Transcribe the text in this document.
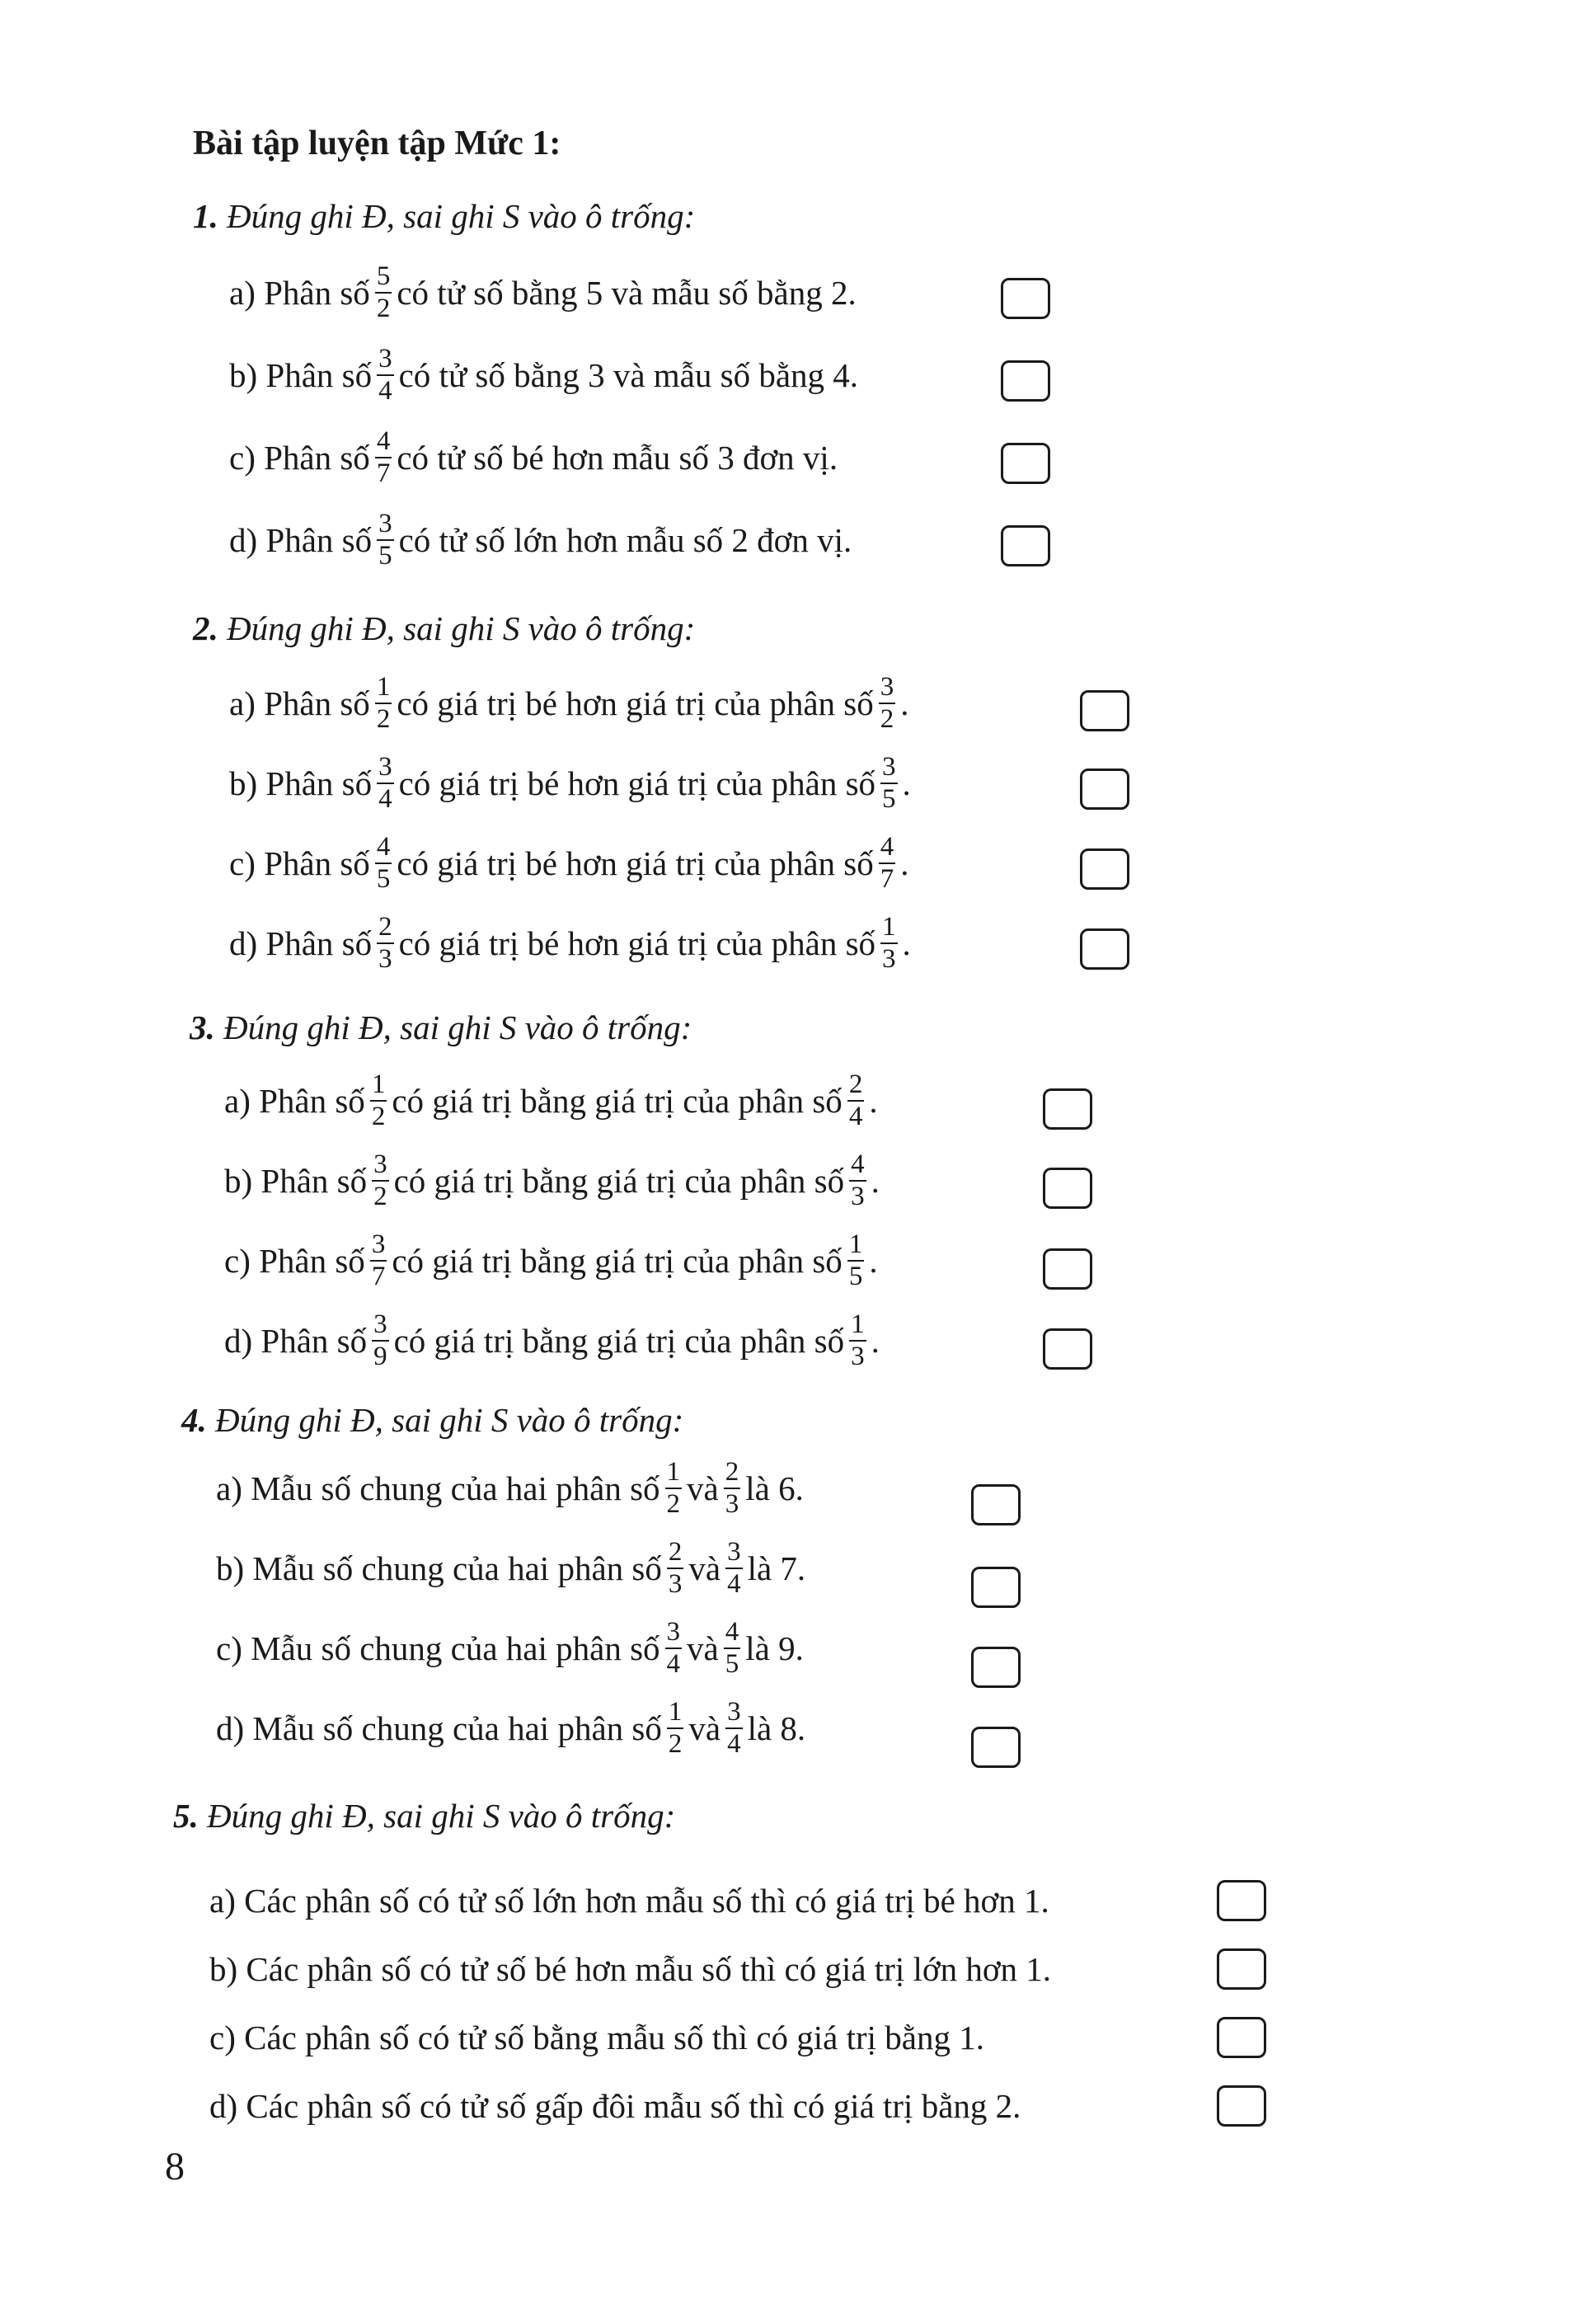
Bài tập luyện tập Mức 1:

1. Đúng ghi Đ, sai ghi S vào ô trống:

a) Phân số $\frac{5}{2}$ có tử số bằng 5 và mẫu số bằng 2.
b) Phân số $\frac{3}{4}$ có tử số bằng 3 và mẫu số bằng 4.
c) Phân số $\frac{4}{7}$ có tử số bé hơn mẫu số 3 đơn vị.
d) Phân số $\frac{3}{5}$ có tử số lớn hơn mẫu số 2 đơn vị.

2. Đúng ghi Đ, sai ghi S vào ô trống:

a) Phân số $\frac{1}{2}$ có giá trị bé hơn giá trị của phân số $\frac{3}{2}$ .
b) Phân số $\frac{3}{4}$ có giá trị bé hơn giá trị của phân số $\frac{3}{5}$ .
c) Phân số $\frac{4}{5}$ có giá trị bé hơn giá trị của phân số $\frac{4}{7}$ .
d) Phân số $\frac{2}{3}$ có giá trị bé hơn giá trị của phân số $\frac{1}{3}$ .

3. Đúng ghi Đ, sai ghi S vào ô trống:

a) Phân số $\frac{1}{2}$ có giá trị bằng giá trị của phân số $\frac{2}{4}$ .
b) Phân số $\frac{3}{2}$ có giá trị bằng giá trị của phân số $\frac{4}{3}$ .
c) Phân số $\frac{3}{7}$ có giá trị bằng giá trị của phân số $\frac{1}{5}$ .
d) Phân số $\frac{3}{9}$ có giá trị bằng giá trị của phân số $\frac{1}{3}$ .

4. Đúng ghi Đ, sai ghi S vào ô trống:

a) Mẫu số chung của hai phân số $\frac{1}{2}$ và $\frac{2}{3}$ là 6.
b) Mẫu số chung của hai phân số $\frac{2}{3}$ và $\frac{3}{4}$ là 7.
c) Mẫu số chung của hai phân số $\frac{3}{4}$ và $\frac{4}{5}$ là 9.
d) Mẫu số chung của hai phân số $\frac{1}{2}$ và $\frac{3}{4}$ là 8.

5. Đúng ghi Đ, sai ghi S vào ô trống:

a) Các phân số có tử số lớn hơn mẫu số thì có giá trị bé hơn 1.
b) Các phân số có tử số bé hơn mẫu số thì có giá trị lớn hơn 1.
c) Các phân số có tử số bằng mẫu số thì có giá trị bằng 1.
d) Các phân số có tử số gấp đôi mẫu số thì có giá trị bằng 2.

8
